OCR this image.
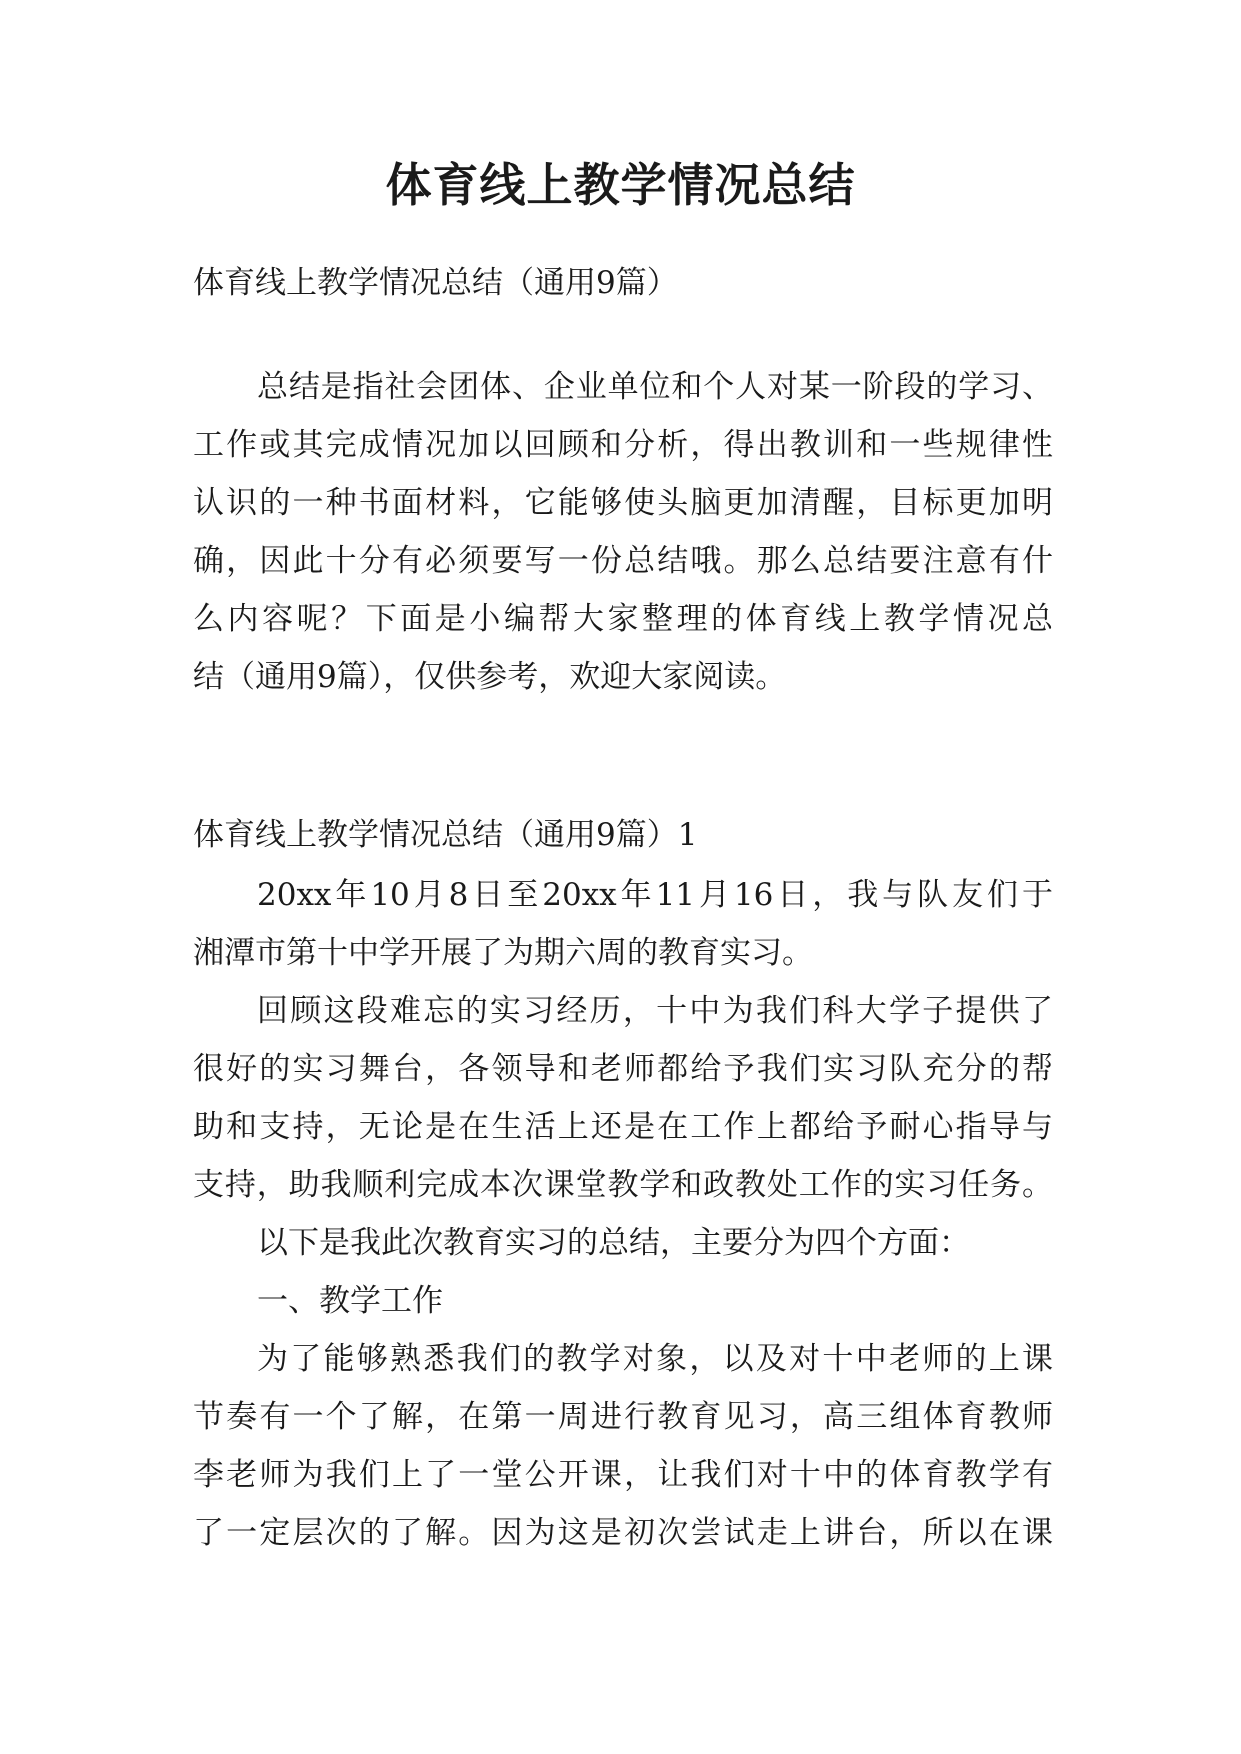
体育线上教学情况总结

体育线上教学情况总结（通用9篇）

总结是指社会团体、企业单位和个人对某一阶段的学习、
工作或其完成情况加以回顾和分析，得出教训和一些规律性
认识的一种书面材料，它能够使头脑更加清醒，目标更加明
确，因此十分有必须要写一份总结哦。那么总结要注意有什
么内容呢？下面是小编帮大家整理的体育线上教学情况总
结（通用9篇），仅供参考，欢迎大家阅读。

体育线上教学情况总结（通用9篇）1

20xx年10月8日至20xx年11月16日，我与队友们于
湘潭市第十中学开展了为期六周的教育实习。
回顾这段难忘的实习经历，十中为我们科大学子提供了
很好的实习舞台，各领导和老师都给予我们实习队充分的帮
助和支持，无论是在生活上还是在工作上都给予耐心指导与
支持，助我顺利完成本次课堂教学和政教处工作的实习任务。
以下是我此次教育实习的总结，主要分为四个方面：
一、教学工作
为了能够熟悉我们的教学对象，以及对十中老师的上课
节奏有一个了解，在第一周进行教育见习，高三组体育教师
李老师为我们上了一堂公开课，让我们对十中的体育教学有
了一定层次的了解。因为这是初次尝试走上讲台，所以在课
